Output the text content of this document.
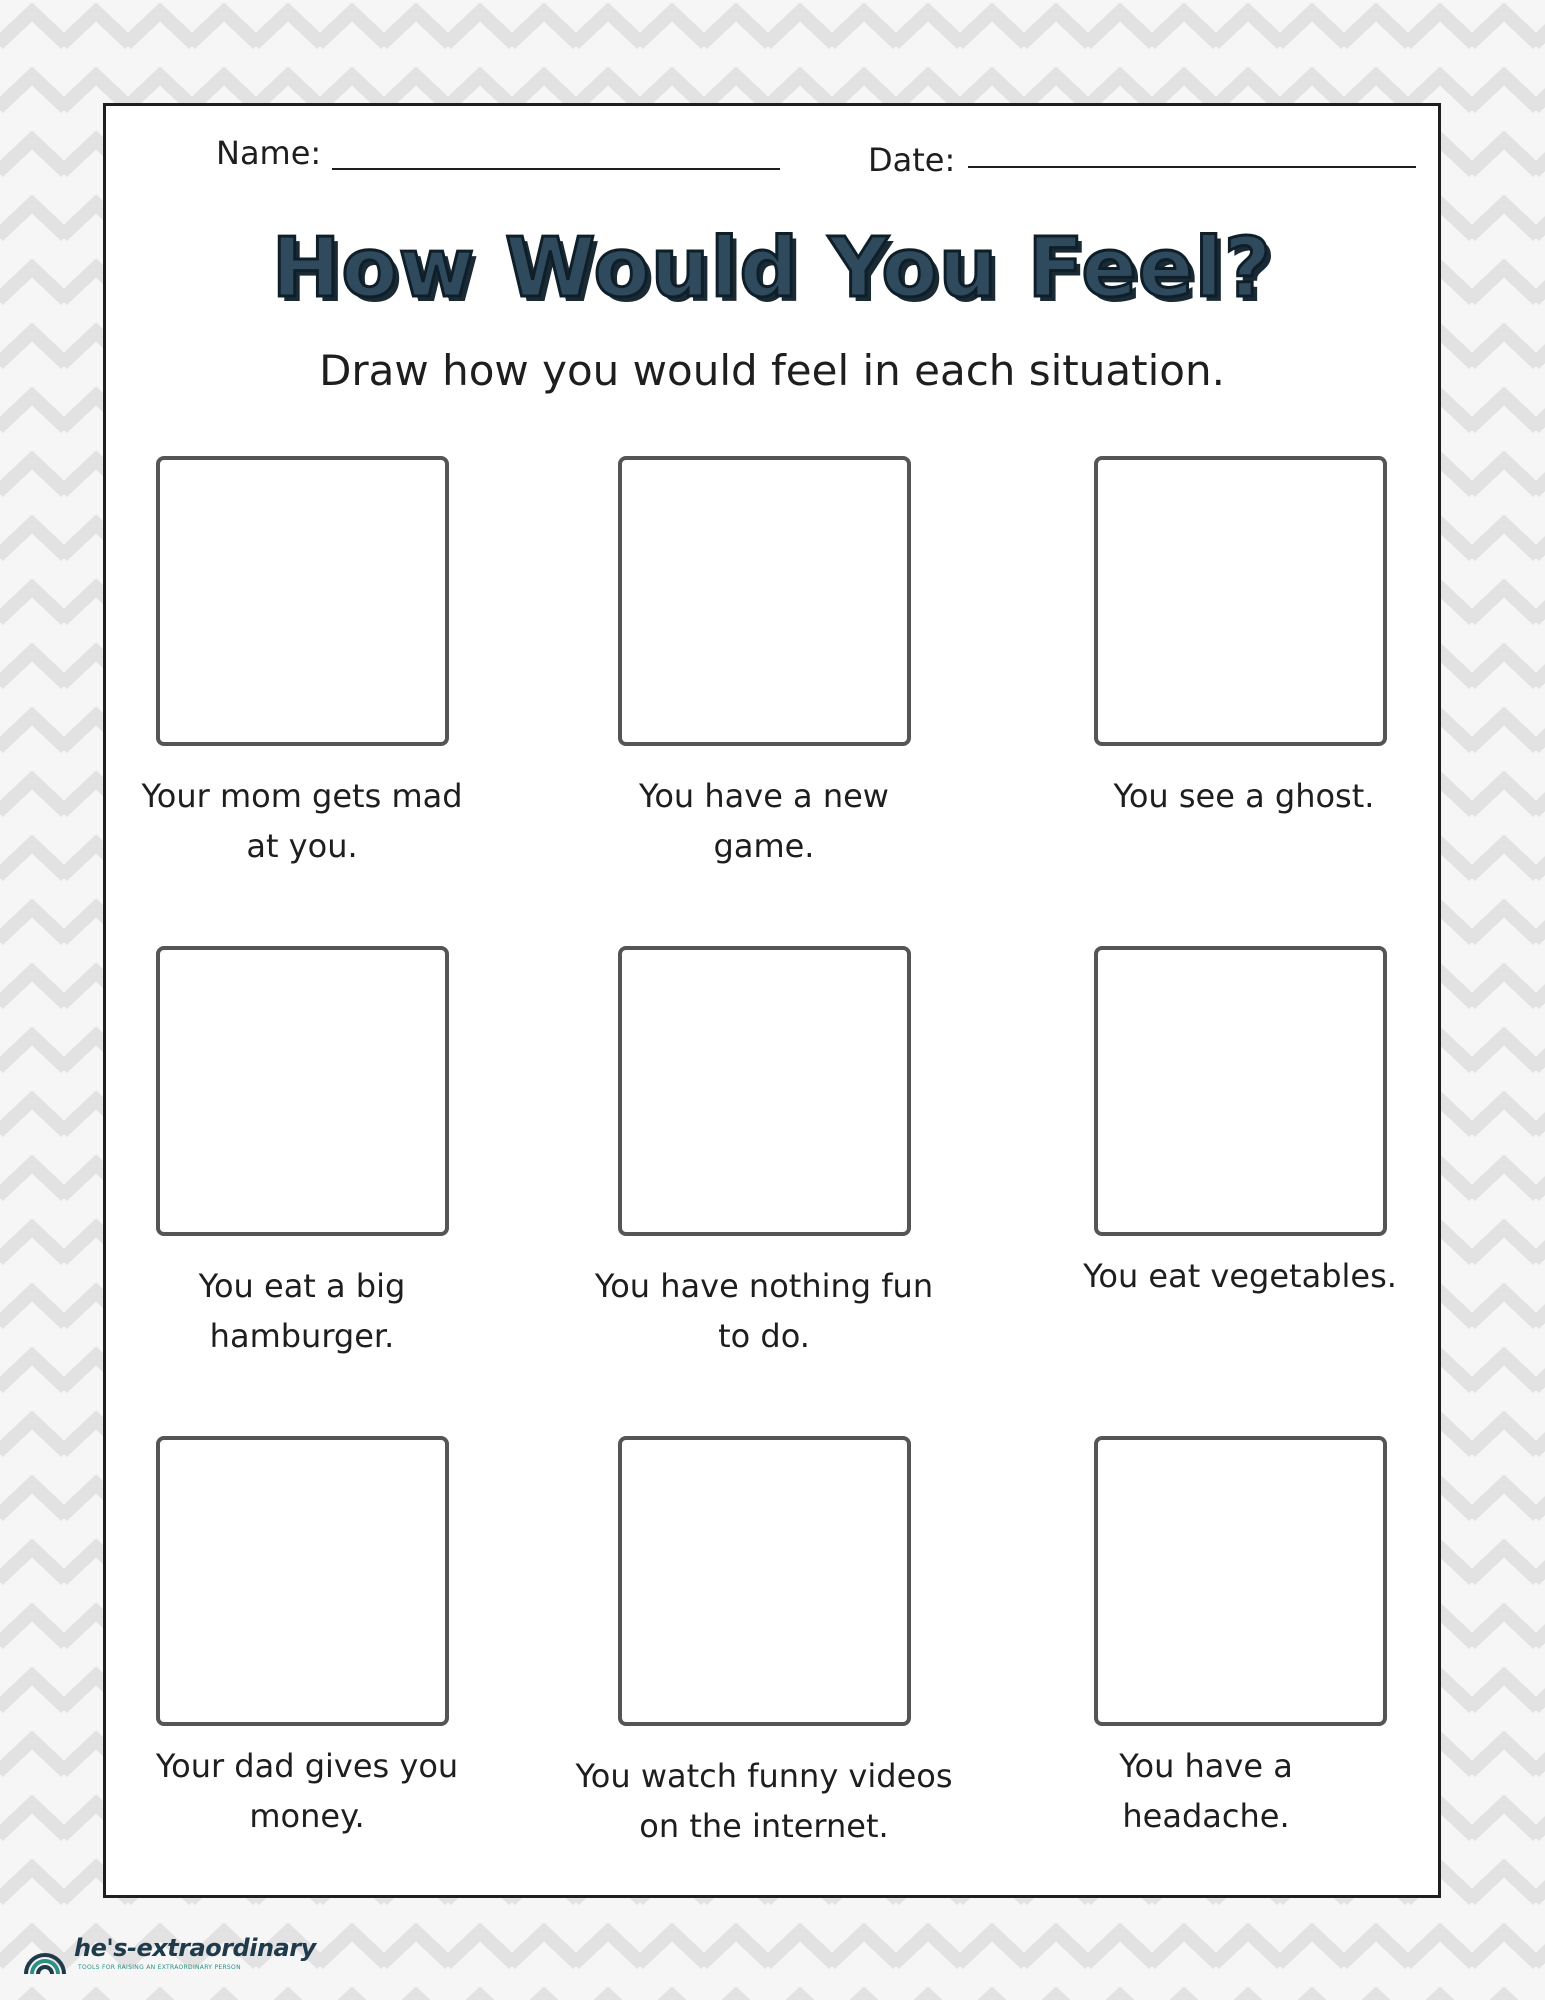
Name:	Date:
How Would You Feel?
Draw how you would feel in each situation.
Your mom gets mad at you.
You have a new game.
You see a ghost.
You eat a big hamburger.
You have nothing fun to do.
You eat vegetables.
Your dad gives you money.
You watch funny videos on the internet.
You have a headache.
he's-extraordinary
TOOLS FOR RAISING AN EXTRAORDINARY PERSON
